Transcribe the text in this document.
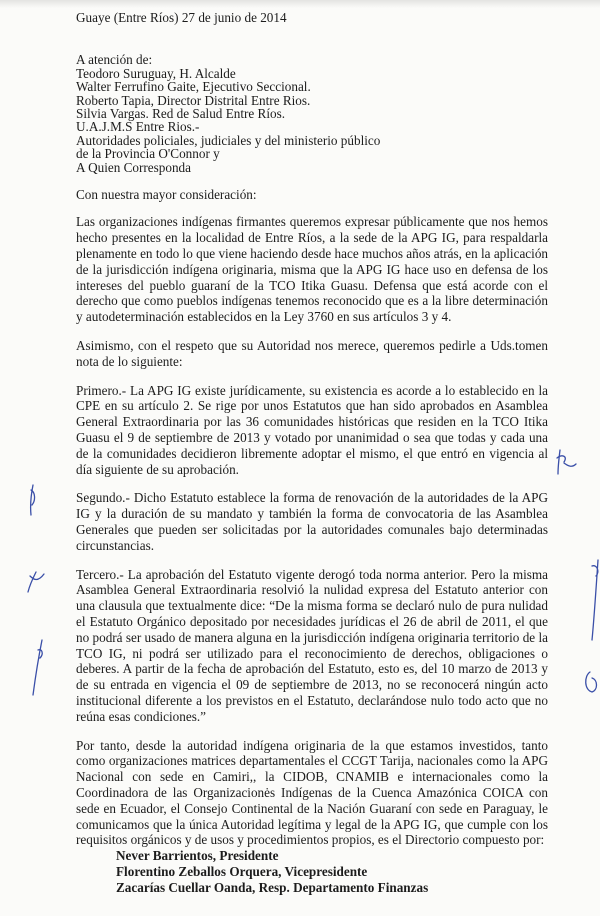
Guaye (Entre Ríos) 27 de junio de 2014
A atención de:
Teodoro Suruguay, H. Alcalde
Walter Ferrufino Gaite, Ejecutivo Seccional.
Roberto Tapia, Director Distrital Entre Rios.
Silvia Vargas. Red de Salud Entre Ríos.
U.A.J.M.S Entre Rios.-
Autoridades policiales, judiciales y del ministerio público
de la Provincia O'Connor y
A Quien Corresponda
Con nuestra mayor consideración:
Las organizaciones indígenas firmantes queremos expresar públicamente que nos hemos hecho presentes en la localidad de Entre Ríos, a la sede de la APG IG, para respaldarla plenamente en todo lo que viene haciendo desde hace muchos años atrás, en la aplicación de la jurisdicción indígena originaria, misma que la APG IG hace uso en defensa de los intereses del pueblo guaraní de la TCO Itika Guasu. Defensa que está acorde con el derecho que como pueblos indígenas tenemos reconocido que es a la libre determinación y autodeterminación establecidos en la Ley 3760 en sus artículos 3 y 4.
Asimismo, con el respeto que su Autoridad nos merece, queremos pedirle a Uds.tomen nota de lo siguiente:
Primero.- La APG IG existe jurídicamente, su existencia es acorde a lo establecido en la CPE en su artículo 2. Se rige por unos Estatutos que han sido aprobados en Asamblea General Extraordinaria por las 36 comunidades históricas que residen en la TCO Itika Guasu el 9 de septiembre de 2013 y votado por unanimidad o sea que todas y cada una de la comunidades decidieron libremente adoptar el mismo, el que entró en vigencia al día siguiente de su aprobación.
Segundo.- Dicho Estatuto establece la forma de renovación de la autoridades de la APG IG y la duración de su mandato y también la forma de convocatoria de las Asamblea Generales que pueden ser solicitadas por la autoridades comunales bajo determinadas circunstancias.
Tercero.- La aprobación del Estatuto vigente derogó toda norma anterior. Pero la misma Asamblea General Extraordinaria resolvió la nulidad expresa del Estatuto anterior con una clausula que textualmente dice: “De la misma forma se declaró nulo de pura nulidad el Estatuto Orgánico depositado por necesidades jurídicas el 26 de abril de 2011, el que no podrá ser usado de manera alguna en la jurisdicción indígena originaria territorio de la TCO IG, ni podrá ser utilizado para el reconocimiento de derechos, obligaciones o deberes. A partir de la fecha de aprobación del Estatuto, esto es, del 10 marzo de 2013 y de su entrada en vigencia el 09 de septiembre de 2013, no se reconocerá ningún acto institucional diferente a los previstos en el Estatuto, declarándose nulo todo acto que no reúna esas condiciones.”
Por tanto, desde la autoridad indígena originaria de la que estamos investidos, tanto como organizaciones matrices departamentales el CCGT Tarija, nacionales como la APG Nacional con sede en Camiri,, la CIDOB, CNAMIB e internacionales como la Coordinadora de las Organizacionės Indígenas de la Cuenca Amazónica COICA con sede en Ecuador, el Consejo Continental de la Nación Guaraní con sede en Paraguay, le comunicamos que la única Autoridad legítima y legal de la APG IG, que cumple con los requisitos orgánicos y de usos y procedimientos propios, es el Directorio compuesto por:
Never Barrientos, Presidente
Florentino Zeballos Orquera, Vicepresidente
Zacarías Cuellar Oanda, Resp. Departamento Finanzas
